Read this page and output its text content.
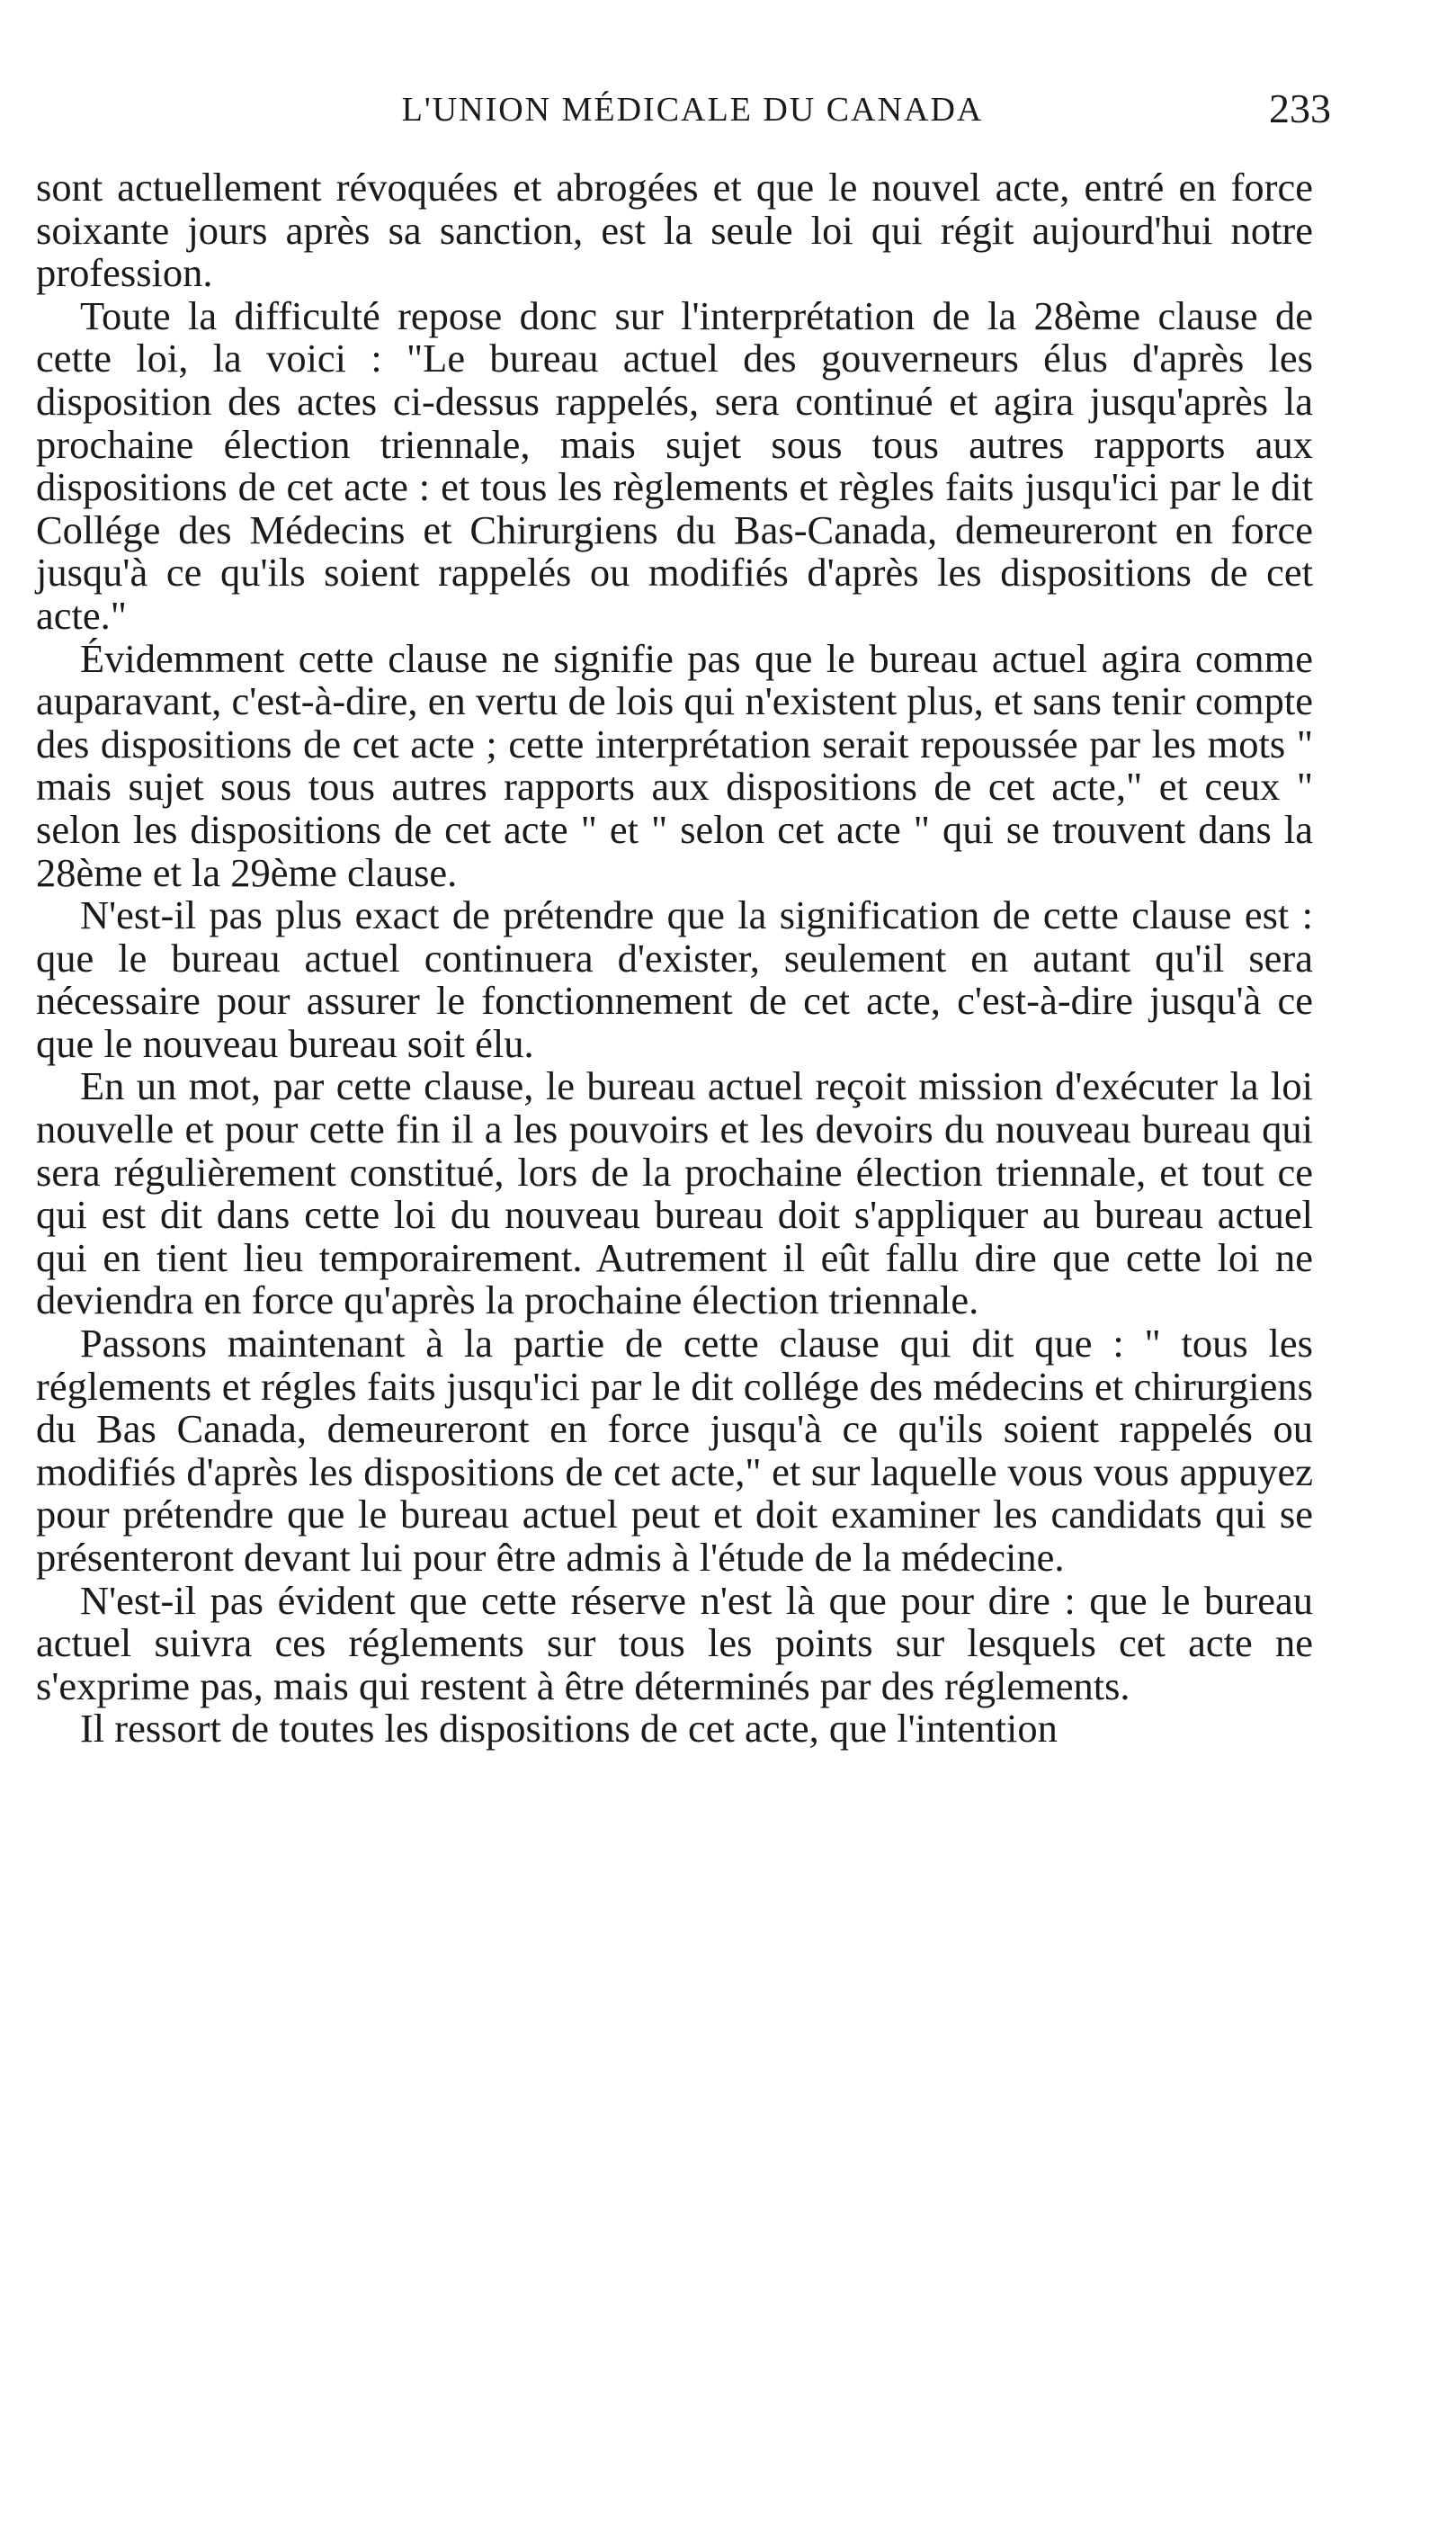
L'UNION MÉDICALE DU CANADA	233

sont actuellement révoquées et abrogées et que le nouvel acte, entré en force soixante jours après sa sanction, est la seule loi qui régit aujourd'hui notre profession.

Toute la difficulté repose donc sur l'interprétation de la 28ème clause de cette loi, la voici : "Le bureau actuel des gouverneurs élus d'après les disposition des actes ci-dessus rappelés, sera continué et agira jusqu'après la prochaine élection triennale, mais sujet sous tous autres rapports aux dispositions de cet acte : et tous les règlements et règles faits jusqu'ici par le dit Collége des Médecins et Chirurgiens du Bas-Canada, demeureront en force jusqu'à ce qu'ils soient rappelés ou modifiés d'après les dispositions de cet acte."

Évidemment cette clause ne signifie pas que le bureau actuel agira comme auparavant, c'est-à-dire, en vertu de lois qui n'existent plus, et sans tenir compte des dispositions de cet acte ; cette interprétation serait repoussée par les mots " mais sujet sous tous autres rapports aux dispositions de cet acte," et ceux " selon les dispositions de cet acte " et " selon cet acte " qui se trouvent dans la 28ème et la 29ème clause.

N'est-il pas plus exact de prétendre que la signification de cette clause est : que le bureau actuel continuera d'exister, seulement en autant qu'il sera nécessaire pour assurer le fonctionnement de cet acte, c'est-à-dire jusqu'à ce que le nouveau bureau soit élu.

En un mot, par cette clause, le bureau actuel reçoit mission d'exécuter la loi nouvelle et pour cette fin il a les pouvoirs et les devoirs du nouveau bureau qui sera régulièrement constitué, lors de la prochaine élection triennale, et tout ce qui est dit dans cette loi du nouveau bureau doit s'appliquer au bureau actuel qui en tient lieu temporairement. Autrement il eût fallu dire que cette loi ne deviendra en force qu'après la prochaine élection triennale.

Passons maintenant à la partie de cette clause qui dit que : " tous les réglements et régles faits jusqu'ici par le dit collége des médecins et chirurgiens du Bas Canada, demeureront en force jusqu'à ce qu'ils soient rappelés ou modifiés d'après les dispositions de cet acte," et sur laquelle vous vous appuyez pour prétendre que le bureau actuel peut et doit examiner les candidats qui se présenteront devant lui pour être admis à l'étude de la médecine.

N'est-il pas évident que cette réserve n'est là que pour dire : que le bureau actuel suivra ces réglements sur tous les points sur lesquels cet acte ne s'exprime pas, mais qui restent à être déterminés par des réglements.

Il ressort de toutes les dispositions de cet acte, que l'intention
